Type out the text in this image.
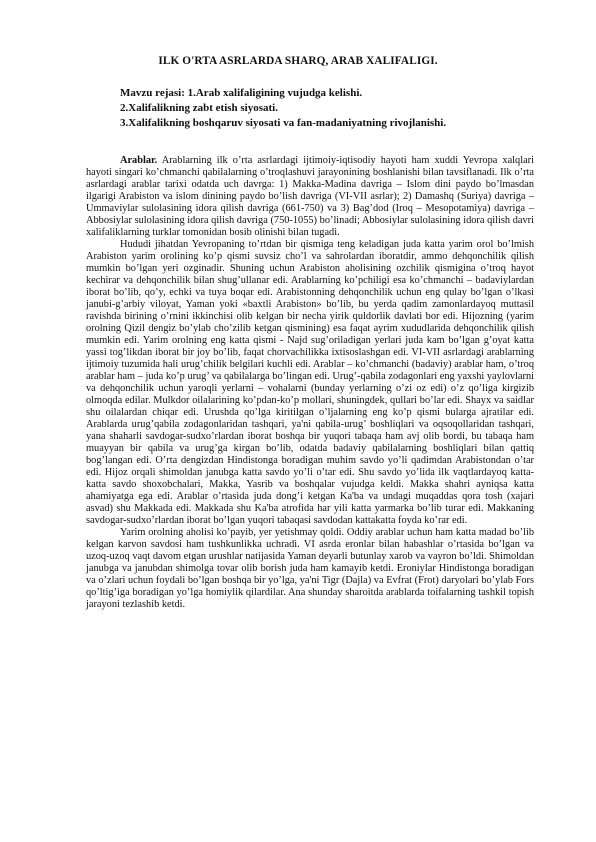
ILK O'RTA ASRLARDA SHARQ, ARAB XALIFALIGI.
Mavzu rejasi: 1.Arab xalifaligining vujudga kelishi.
2.Xalifalikning zabt etish siyosati.
3.Xalifalikning boshqaruv siyosati va fan-madaniyatning rivojlanishi.

Arablar. Arablarning ilk o’rta asrlardagi ijtimoiy-iqtisodiy hayoti ham xuddi Yevropa xalqlari hayoti singari ko’chmanchi qabilalarning o’troqlashuvi jarayonining boshlanishi bilan tavsiflanadi. Ilk o’rta asrlardagi arablar tarixi odatda uch davrga: 1) Makka-Madina davriga – Islom dini paydo bo’lmasdan ilgarigi Arabiston va islom dinining paydo bo’lish davriga (VI-VII asrlar); 2) Damashq (Suriya) davriga – Ummaviylar sulolasining idora qilish davriga (661-750) va 3) Bag’dod (Iroq – Mesopotamiya) davriga – Abbosiylar sulolasining idora qilish davriga (750-1055) bo’linadi; Abbosiylar sulolasining idora qilish davri xalifaliklarning turklar tomonidan bosib olinishi bilan tugadi.

Hududi jihatdan Yevropaning to’rtdan bir qismiga teng keladigan juda katta yarim orol bo’lmish Arabiston yarim orolining ko’p qismi suvsiz cho’l va sahrolardan iboratdir, ammo dehqonchilik qilish mumkin bo’lgan yeri ozginadir. Shuning uchun Arabiston aholisining ozchilik qismigina o’troq hayot kechirar va dehqonchilik bilan shug’ullanar edi. Arablarning ko’pchiligi esa ko’chmanchi – badaviylardan iborat bo’lib, qo’y, echki va tuya boqar edi. Arabistonning dehqonchilik uchun eng qulay bo’lgan o’lkasi janubi-g’arbiy viloyat, Yaman yoki «baxtli Arabiston» bo’lib, bu yerda qadim zamonlardayoq muttasil ravishda birining o’rnini ikkinchisi olib kelgan bir necha yirik quldorlik davlati bor edi. Hijozning (yarim orolning Qizil dengiz bo’ylab cho’zilib ketgan qismining) esa faqat ayrim xududlarida dehqonchilik qilish mumkin edi. Yarim orolning eng katta qismi - Najd sug’oriladigan yerlari juda kam bo’lgan g’oyat katta yassi tog’likdan iborat bir joy bo’lib, faqat chorvachilikka ixtisoslashgan edi. VI-VII asrlardagi arablarning ijtimoiy tuzumida hali urug’chilik belgilari kuchli edi. Arablar – ko’chmanchi (badaviy) arablar ham, o’troq arablar ham – juda ko’p urug’ va qabilalarga bo’lingan edi. Urug’-qabila zodagonlari eng yaxshi yaylovlarni va dehqonchilik uchun yaroqli yerlarni – vohalarni (bunday yerlarning o’zi oz edi) o’z qo’liga kirgizib olmoqda edilar. Mulkdor oilalarining ko’pdan-ko’p mollari, shuningdek, qullari bo’lar edi. Shayx va saidlar shu oilalardan chiqar edi. Urushda qo’lga kiritilgan o’ljalarning eng ko’p qismi bularga ajratilar edi. Arablarda urug’qabila zodagonlaridan tashqari, ya'ni qabila-urug’ boshliqlari va oqsoqollaridan tashqari, yana shaharli savdogar-sudxo’rlardan iborat boshqa bir yuqori tabaqa ham avj olib bordi, bu tabaqa ham muayyan bir qabila va urug’ga kirgan bo’lib, odatda badaviy qabilalarning boshliqlari bilan qattiq bog’langan edi. O’rta dengizdan Hindistonga boradigan muhim savdo yo’li qadimdan Arabistondan o’tar edi. Hijoz orqali shimoldan janubga katta savdo yo’li o’tar edi. Shu savdo yo’lida ilk vaqtlardayoq katta-katta savdo shoxobchalari, Makka, Yasrib va boshqalar vujudga keldi. Makka shahri ayniqsa katta ahamiyatga ega edi. Arablar o’rtasida juda dong’i ketgan Ka'ba va undagi muqaddas qora tosh (xajari asvad) shu Makkada edi. Makkada shu Ka'ba atrofida har yili katta yarmarka bo’lib turar edi. Makkaning savdogar-sudxo’rlardan iborat bo’lgan yuqori tabaqasi savdodan kattakatta foyda ko’rar edi.

Yarim orolning aholisi ko’payib, yer yetishmay qoldi. Oddiy arablar uchun ham katta madad bo’lib kelgan karvon savdosi ham tushkunlikka uchradi. VI asrda eronlar bilan habashlar o’rtasida bo’lgan va uzoq-uzoq vaqt davom etgan urushlar natijasida Yaman deyarli butunlay xarob va vayron bo’ldi. Shimoldan janubga va janubdan shimolga tovar olib borish juda ham kamayib ketdi. Eroniylar Hindistonga boradigan va o’zlari uchun foydali bo’lgan boshqa bir yo’lga, ya'ni Tigr (Dajla) va Evfrat (Frot) daryolari bo’ylab Fors qo’ltig’iga boradigan yo’lga homiylik qilardilar. Ana shunday sharoitda arablarda toifalarning tashkil topish jarayoni tezlashib ketdi.
